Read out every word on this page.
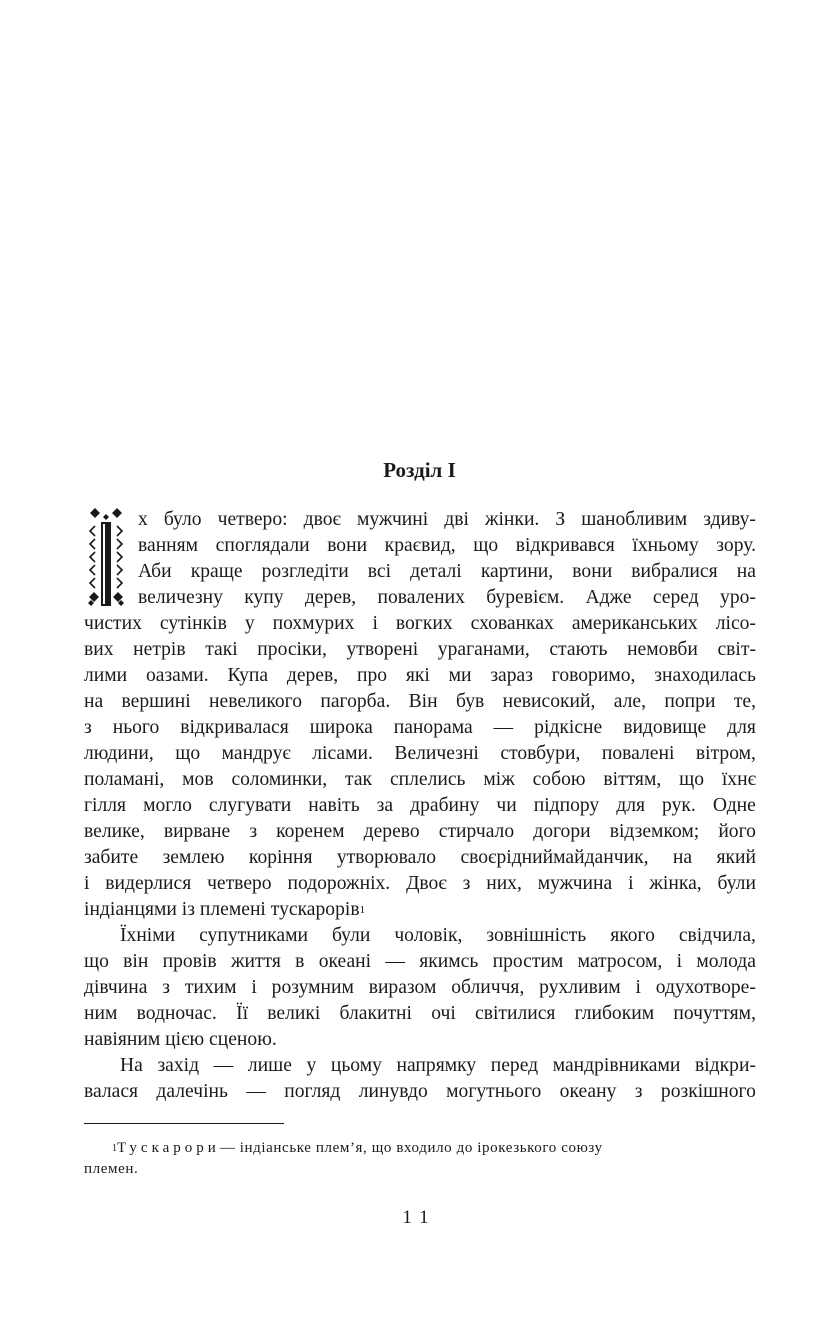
Розділ І
І
х було четверо: двоє мужчині дві жінки. З шанобливим здиву-
ванням споглядали вони краєвид, що відкривався їхньому зору.
Аби краще розгледіти всі деталі картини, вони вибралися на
величезну купу дерев, повалених буревієм. Адже серед уро-
чистих сутінків у похмурих і вогких схованках американських лісо-
вих нетрів такі просіки, утворені ураганами, стають немовби світ-
лими оазами. Купа дерев, про які ми зараз говоримо, знаходилась
на вершині невеликого пагорба. Він був невисокий, але, попри те,
з нього відкривалася широка панорама — рідкісне видовище для
людини, що мандрує лісами. Величезні стовбури, повалені вітром,
поламані, мов соломинки, так сплелись між собою віттям, що їхнє
гілля могло слугувати навіть за драбину чи підпору для рук. Одне
велике, вирване з коренем дерево стирчало догори відземком; його
забите землею коріння утворювало своєрідниймайданчик, на який
і видерлися четверо подорожніх. Двоє з них, мужчина і жінка, були
індіанцями із племені тускарорів 1
Їхніми супутниками були чоловік, зовнішність якого свідчила,
що він провів життя в океані — якимсь простим матросом, і молода
дівчина з тихим і розумним виразом обличчя, рухливим і одухотворе-
ним водночас. Її великі блакитні очі світилися глибоким почуттям,
навіяним цією сценою.
На захід — лише у цьому напрямку перед мандрівниками відкри-
валася далечінь — погляд линувдо могутнього океану з розкішного
1 Тускарори — індіанське плем’я, що входило до ірокезького союзу
племен.
11
